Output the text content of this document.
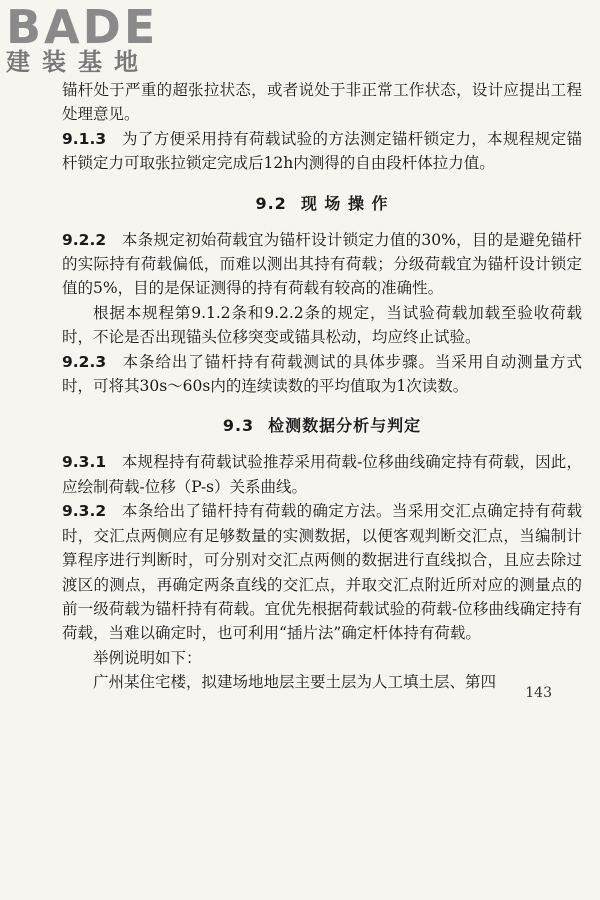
BADE
建装基地

锚杆处于严重的超张拉状态，或者说处于非正常工作状态，设计应提出工程处理意见。

9.1.3  为了方便采用持有荷载试验的方法测定锚杆锁定力，本规程规定锚杆锁定力可取张拉锁定完成后12h内测得的自由段杆体拉力值。

9.2 现 场 操 作

9.2.2  本条规定初始荷载宜为锚杆设计锁定力值的30%，目的是避免锚杆的实际持有荷载偏低，而难以测出其持有荷载；分级荷载宜为锚杆设计锁定值的5%，目的是保证测得的持有荷载有较高的准确性。

根据本规程第9.1.2条和9.2.2条的规定，当试验荷载加载至验收荷载时，不论是否出现锚头位移突变或锚具松动，均应终止试验。

9.2.3  本条给出了锚杆持有荷载测试的具体步骤。当采用自动测量方式时，可将其30s～60s内的连续读数的平均值取为1次读数。

9.3 检测数据分析与判定

9.3.1  本规程持有荷载试验推荐采用荷载-位移曲线确定持有荷载，因此，应绘制荷载-位移（P-s）关系曲线。

9.3.2  本条给出了锚杆持有荷载的确定方法。当采用交汇点确定持有荷载时，交汇点两侧应有足够数量的实测数据，以便客观判断交汇点，当编制计算程序进行判断时，可分别对交汇点两侧的数据进行直线拟合，且应去除过渡区的测点，再确定两条直线的交汇点，并取交汇点附近所对应的测量点的前一级荷载为锚杆持有荷载。宜优先根据荷载试验的荷载-位移曲线确定持有荷载，当难以确定时，也可利用“插片法”确定杆体持有荷载。

举例说明如下：

广州某住宅楼，拟建场地地层主要土层为人工填土层、第四

143
